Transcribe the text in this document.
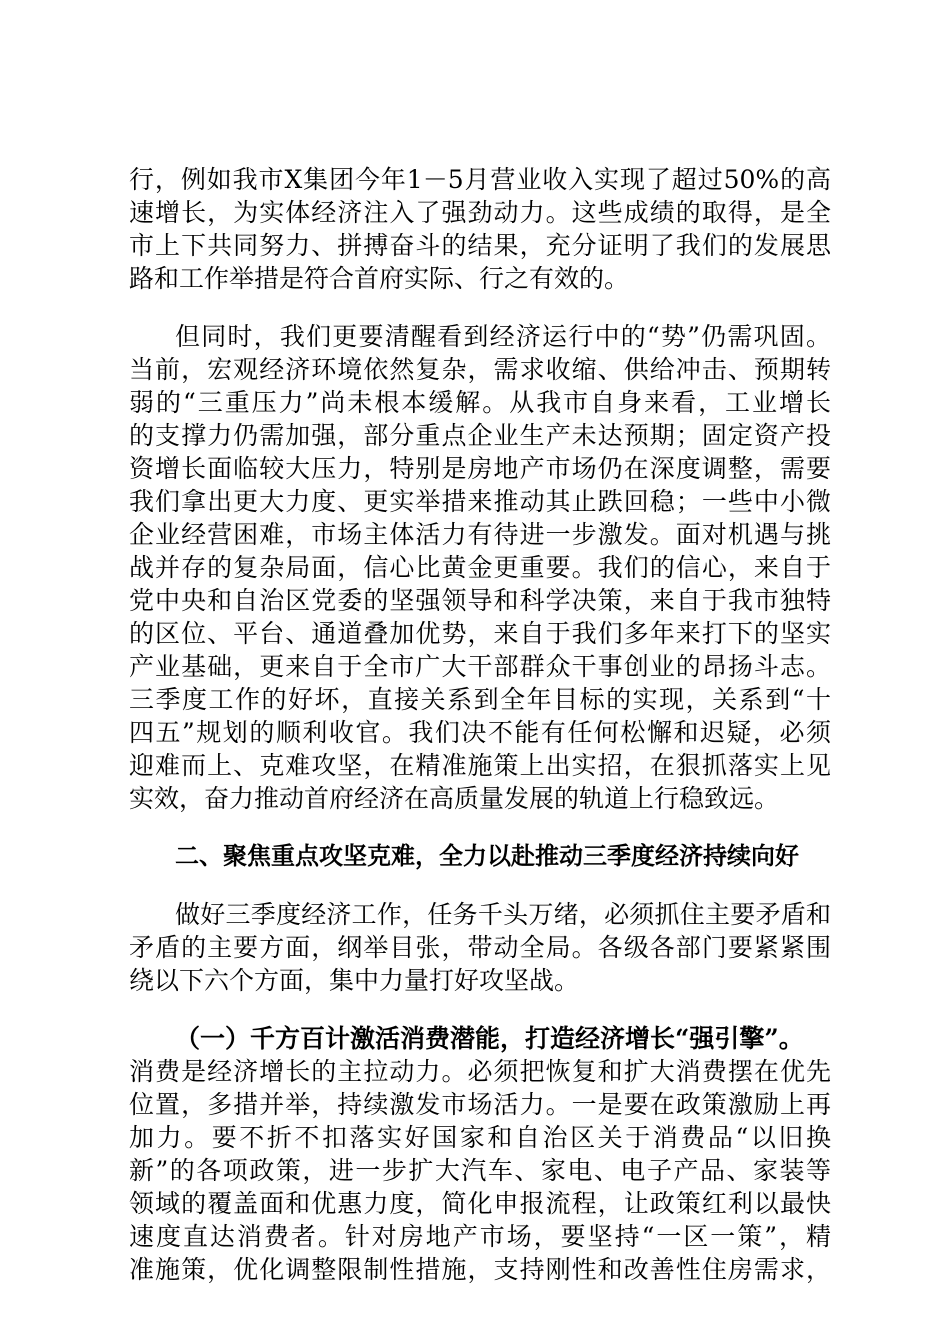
行，例如我市X集团今年1－5月营业收入实现了超过50%的高
速增长，为实体经济注入了强劲动力。这些成绩的取得，是全
市上下共同努力、拼搏奋斗的结果，充分证明了我们的发展思
路和工作举措是符合首府实际、行之有效的。
但同时，我们更要清醒看到经济运行中的“势”仍需巩固。
当前，宏观经济环境依然复杂，需求收缩、供给冲击、预期转
弱的“三重压力”尚未根本缓解。从我市自身来看，工业增长
的支撑力仍需加强，部分重点企业生产未达预期；固定资产投
资增长面临较大压力，特别是房地产市场仍在深度调整，需要
我们拿出更大力度、更实举措来推动其止跌回稳；一些中小微
企业经营困难，市场主体活力有待进一步激发。面对机遇与挑
战并存的复杂局面，信心比黄金更重要。我们的信心，来自于
党中央和自治区党委的坚强领导和科学决策，来自于我市独特
的区位、平台、通道叠加优势，来自于我们多年来打下的坚实
产业基础，更来自于全市广大干部群众干事创业的昂扬斗志。
三季度工作的好坏，直接关系到全年目标的实现，关系到“十
四五”规划的顺利收官。我们决不能有任何松懈和迟疑，必须
迎难而上、克难攻坚，在精准施策上出实招，在狠抓落实上见
实效，奋力推动首府经济在高质量发展的轨道上行稳致远。
二、聚焦重点攻坚克难，全力以赴推动三季度经济持续向好
做好三季度经济工作，任务千头万绪，必须抓住主要矛盾和
矛盾的主要方面，纲举目张，带动全局。各级各部门要紧紧围
绕以下六个方面，集中力量打好攻坚战。
（一）千方百计激活消费潜能，打造经济增长“强引擎”。
消费是经济增长的主拉动力。必须把恢复和扩大消费摆在优先
位置，多措并举，持续激发市场活力。一是要在政策激励上再
加力。要不折不扣落实好国家和自治区关于消费品“以旧换
新”的各项政策，进一步扩大汽车、家电、电子产品、家装等
领域的覆盖面和优惠力度，简化申报流程，让政策红利以最快
速度直达消费者。针对房地产市场，要坚持“一区一策”，精
准施策，优化调整限制性措施，支持刚性和改善性住房需求，
